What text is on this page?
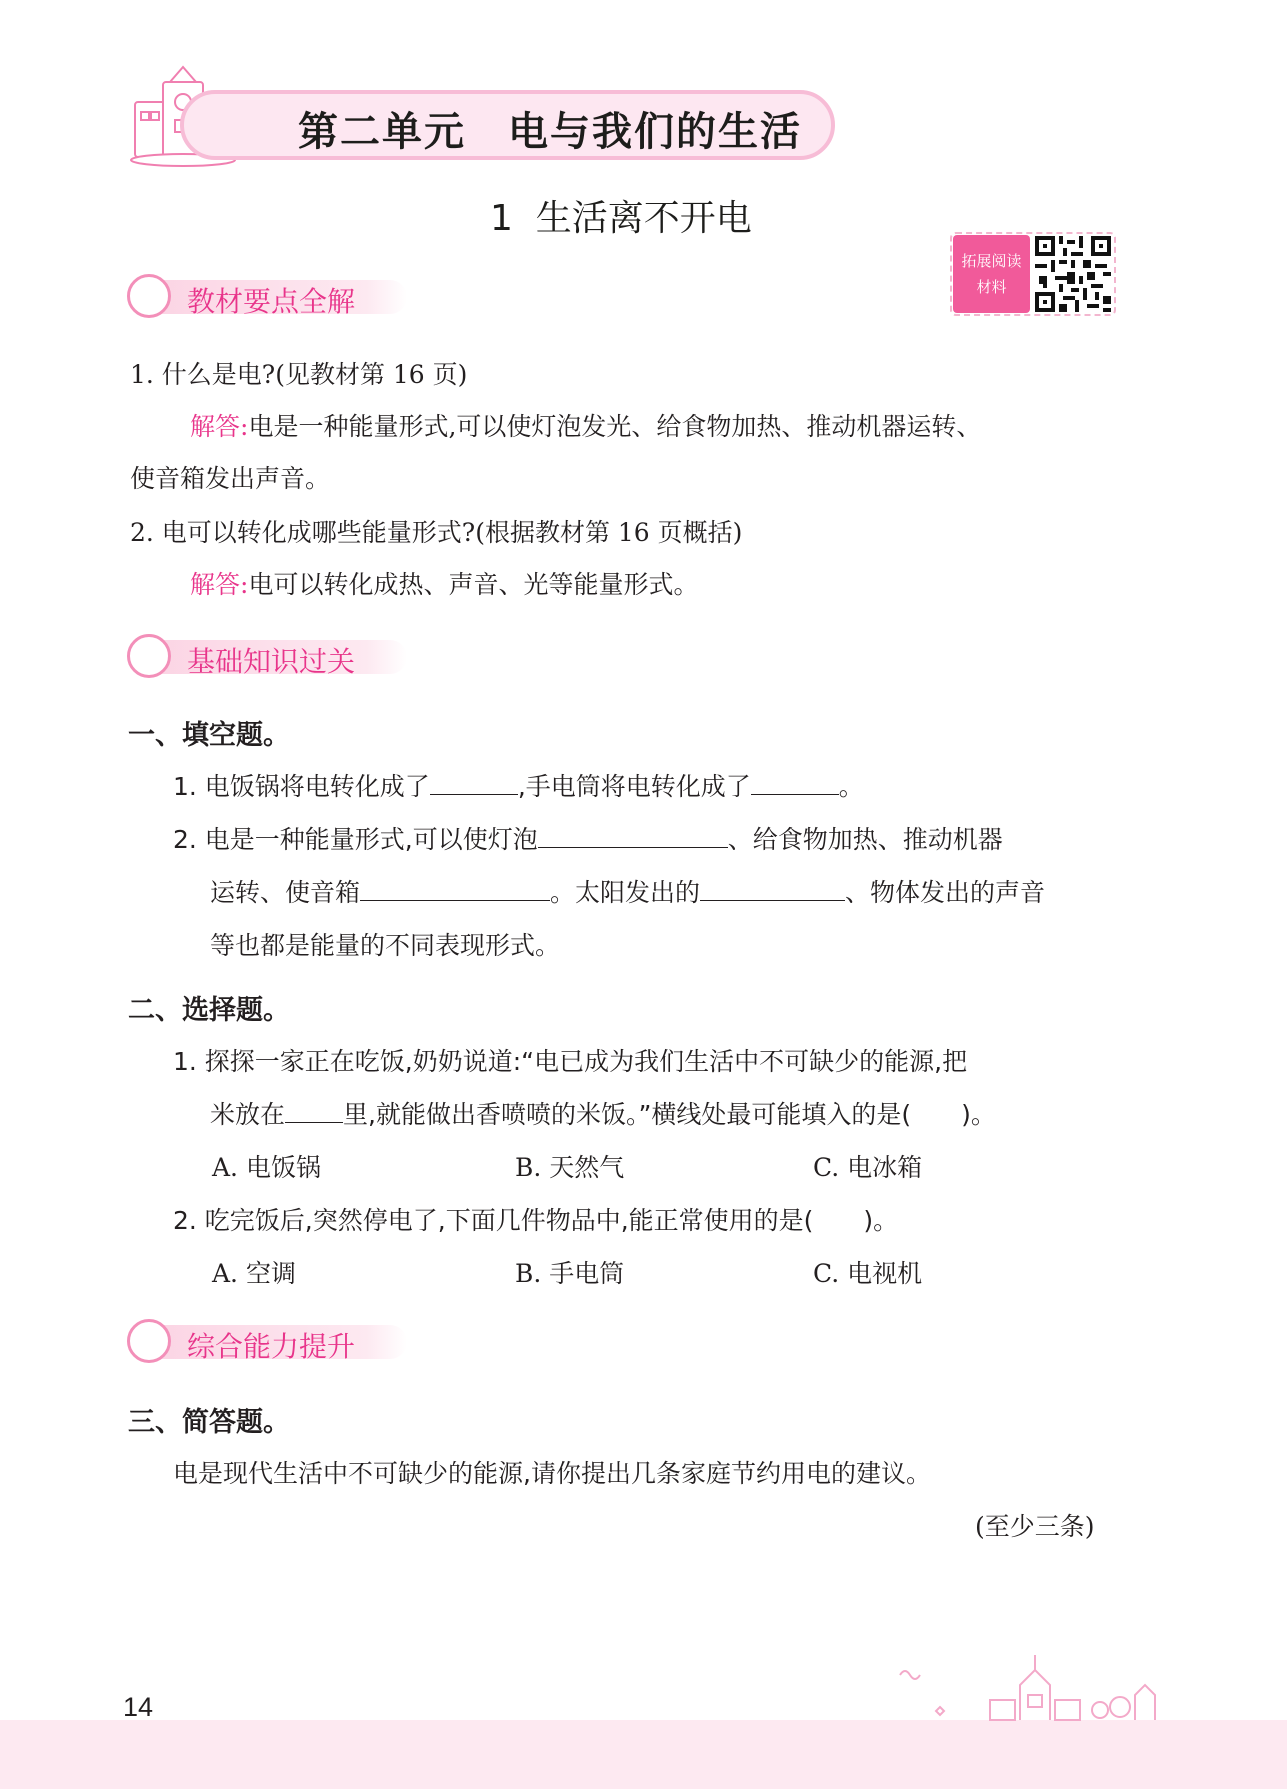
第二单元　电与我们的生活
1  生活离不开电
拓展阅读
材料
教材要点全解
1. 什么是电?(见教材第 16 页)
解答:电是一种能量形式,可以使灯泡发光、给食物加热、推动机器运转、
使音箱发出声音。
2. 电可以转化成哪些能量形式?(根据教材第 16 页概括)
解答:电可以转化成热、声音、光等能量形式。
基础知识过关
一、填空题。
1. 电饭锅将电转化成了	,手电筒将电转化成了	。
2. 电是一种能量形式,可以使灯泡	、给食物加热、推动机器
运转、使音箱	。太阳发出的	、物体发出的声音
等也都是能量的不同表现形式。
二、选择题。
1. 探探一家正在吃饭,奶奶说道:“电已成为我们生活中不可缺少的能源,把
米放在 里,就能做出香喷喷的米饭。”横线处最可能填入的是(　　)。
A. 电饭锅	B. 天然气	C. 电冰箱
2. 吃完饭后,突然停电了,下面几件物品中,能正常使用的是(　　)。
A. 空调	B. 手电筒	C. 电视机
综合能力提升
三、简答题。
电是现代生活中不可缺少的能源,请你提出几条家庭节约用电的建议。
(至少三条)
14
